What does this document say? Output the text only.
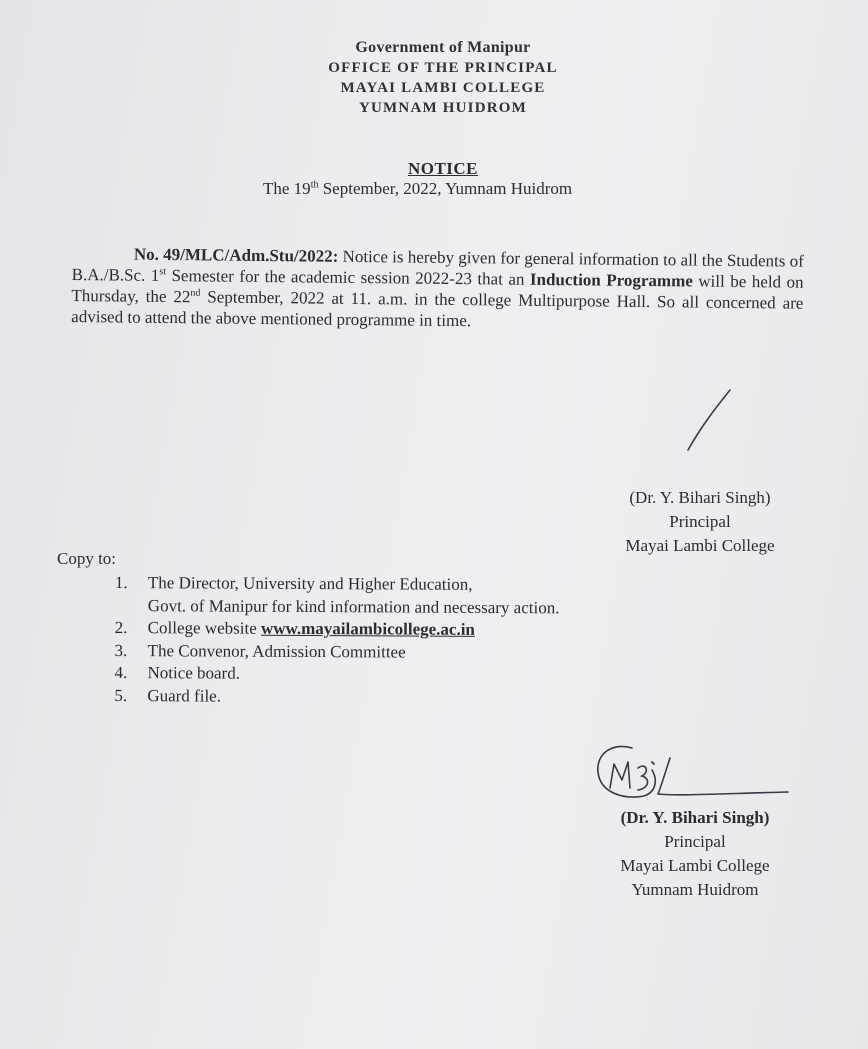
Government of Manipur
OFFICE OF THE PRINCIPAL
MAYAI LAMBI COLLEGE
YUMNAM HUIDROM
NOTICE
The 19th September, 2022, Yumnam Huidrom
No. 49/MLC/Adm.Stu/2022: Notice is hereby given for general information to all the Students of B.A./B.Sc. 1st Semester for the academic session 2022-23 that an Induction Programme will be held on Thursday, the 22nd September, 2022 at 11. a.m. in the college Multipurpose Hall. So all concerned are advised to attend the above mentioned programme in time.
(Dr. Y. Bihari Singh)
Principal
Mayai Lambi College
Copy to:
1.	The Director, University and Higher Education,
Govt. of Manipur for kind information and necessary action.
2.	College website www.mayailambicollege.ac.in
3.	The Convenor, Admission Committee
4.	Notice board.
5.	Guard file.
(Dr. Y. Bihari Singh)
Principal
Mayai Lambi College
Yumnam Huidrom
